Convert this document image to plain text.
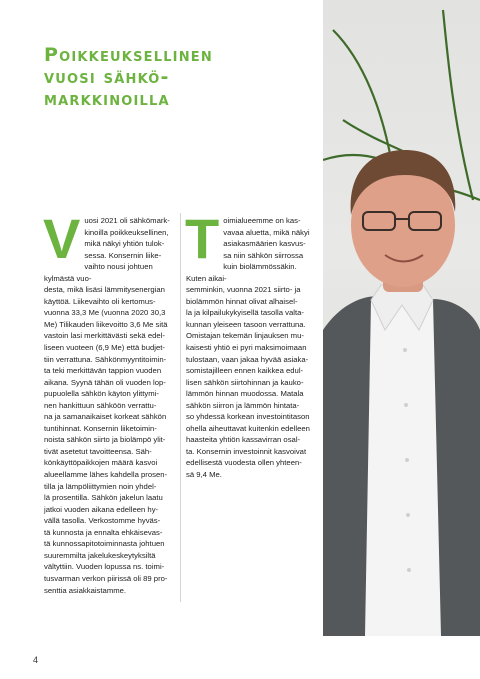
Poikkeuksellinen
vuosi sähkö-
markkinoilla
V uosi 2021 oli sähkömark-
kinoilla poikkeuksellinen,
mikä näkyi yhtiön tulok-
sessa. Konsernin liike-
vaihto nousi johtuen kylmästä vuo-
desta, mikä lisäsi lämmitysenergian
käyttöä. Liikevaihto oli kertomus-
vuonna 33,3 Me (vuonna 2020 30,3
Me) Tilikauden liikevoitto 3,6 Me sitä
vastoin lasi merkittävästi sekä edel-
liseen vuoteen (6,9 Me) että budjet-
tiin verrattuna. Sähkönmyyntitoimin-
ta teki merkittävän tappion vuoden
aikana. Syynä tähän oli vuoden lop-
pupuolella sähkön käyton ylittymi-
nen hankittuun sähköön verrattu-
na ja samanaikaiset korkeat sähkön
tuntihinnat. Konsernin liiketoimin-
noista sähkön siirto ja biolämpö ylit-
tivät asetetut tavoitteensa. Säh-
könkäyttöpaikkojen määrä kasvoi
alueellamme lähes kahdella prosen-
tilla ja lämpöliittymien noin yhdel-
lä prosentilla. Sähkön jakelun laatu
jatkoi vuoden aikana edelleen hy-
vällä tasolla. Verkostomme hyväs-
tä kunnosta ja ennalta ehkäisevas-
tä kunnossapitotoiminnasta johtuen
suuremmilta jakelukeskeytyksiltä
vältyttiin. Vuoden lopussa ns. toimi-
tusvarman verkon piirissä oli 89 pro-
senttia asiakkaistamme.

T oimialueemme on kas-
vavaa aluetta, mikä näkyi
asiakasmäärien kasvus-
sa niin sähkön siirrossa
kuin biolämmössäkin. Kuten aikai-
semminkin, vuonna 2021 siirto- ja
biolämmön hinnat olivat alhaisel-
la ja kilpailukykyisellä tasolla valta-
kunnan yleiseen tasoon verrattuna.
Omistajan tekemän linjauksen mu-
kaisesti yhtiö ei pyri maksimoimaan
tulostaan, vaan jakaa hyvää asiaka-
somistajilleen ennen kaikkea edul-
lisen sähkön siirtohinnan ja kauko-
lämmön hinnan muodossa. Matala
sähkön siirron ja lämmön hintata-
so yhdessä korkean investointitason
ohella aiheuttavat kuitenkin edelleen
haasteita yhtiön kassavirran osal-
ta. Konsernin investoinnit kasvoivat
edellisestä vuodesta ollen yhteen-
sä 9,4 Me.

4
